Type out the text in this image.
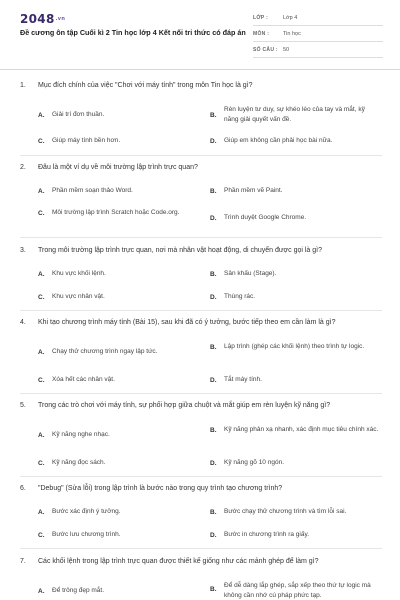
$2048^{.vn}$
Đề cương ôn tập Cuối kì 2 Tin học lớp 4 Kết nối tri thức có đáp án
LỚP :	Lớp 4
MÔN :	Tin học
SỐ CÂU : 50
1.	Mục đích chính của việc "Chơi với máy tính" trong môn Tin học là gì?
A.	Giải trí đơn thuần.	B.
Rèn luyện tư duy, sự khéo léo của tay và mắt, kỹ năng giải quyết vấn đề.
C.	Giúp máy tính bền hơn.	D.	Giúp em không cần phải học bài nữa.
2.	Đâu là một ví dụ về môi trường lập trình trực quan?
A.	Phần mềm soạn thảo Word.	B.	Phần mềm vẽ Paint.
C.	Môi trường lập trình Scratch hoặc Code.org.
D.	Trình duyệt Google Chrome.
3.	Trong môi trường lập trình trực quan, nơi mà nhân vật hoạt động, di chuyển được gọi là gì?
A.	Khu vực khối lệnh.	B.	Sân khấu (Stage).
C.	Khu vực nhân vật.	D.	Thùng rác.
4.	Khi tạo chương trình máy tính (Bài 15), sau khi đã có ý tưởng, bước tiếp theo em cần làm là gì?
A.	Chạy thử chương trình ngay lập tức.
B.	Lập trình (ghép các khối lệnh) theo trình tự logic.
C.	Xóa hết các nhân vật.	D.	Tắt máy tính.
5.	Trong các trò chơi với máy tính, sự phối hợp giữa chuột và mắt giúp em rèn luyện kỹ năng gì?
A.	Kỹ năng nghe nhạc.
B.	Kỹ năng phản xạ nhanh, xác định mục tiêu chính xác.
C.	Kỹ năng đọc sách.	D.	Kỹ năng gõ 10 ngón.
6.	"Debug" (Sửa lỗi) trong lập trình là bước nào trong quy trình tạo chương trình?
A.	Bước xác định ý tưởng.	B.	Bước chạy thử chương trình và tìm lỗi sai.
C.	Bước lưu chương trình.	D.	Bước in chương trình ra giấy.
7.	Các khối lệnh trong lập trình trực quan được thiết kế giống như các mảnh ghép để làm gì?
A.	Để trông đẹp mắt.	B.
Để dễ dàng lắp ghép, sắp xếp theo thứ tự logic mà không cần nhớ cú pháp phức tạp.
